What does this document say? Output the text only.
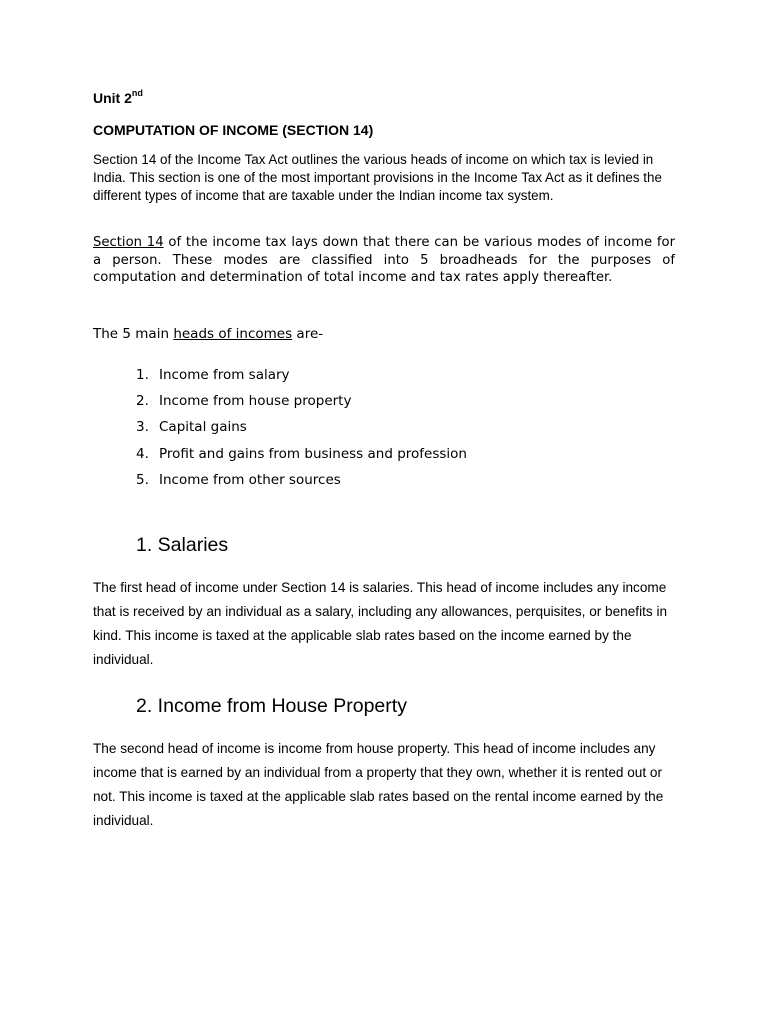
Unit 2nd
COMPUTATION OF INCOME (SECTION 14)
Section 14 of the Income Tax Act outlines the various heads of income on which tax is levied in India. This section is one of the most important provisions in the Income Tax Act as it defines the different types of income that are taxable under the Indian income tax system.
Section 14 of the income tax lays down that there can be various modes of income for a person. These modes are classified into 5 broadheads for the purposes of computation and determination of total income and tax rates apply thereafter.
The 5 main heads of incomes are-
1. Income from salary
2. Income from house property
3. Capital gains
4. Profit and gains from business and profession
5. Income from other sources
1. Salaries
The first head of income under Section 14 is salaries. This head of income includes any income that is received by an individual as a salary, including any allowances, perquisites, or benefits in kind. This income is taxed at the applicable slab rates based on the income earned by the individual.
2. Income from House Property
The second head of income is income from house property. This head of income includes any income that is earned by an individual from a property that they own, whether it is rented out or not. This income is taxed at the applicable slab rates based on the rental income earned by the individual.
